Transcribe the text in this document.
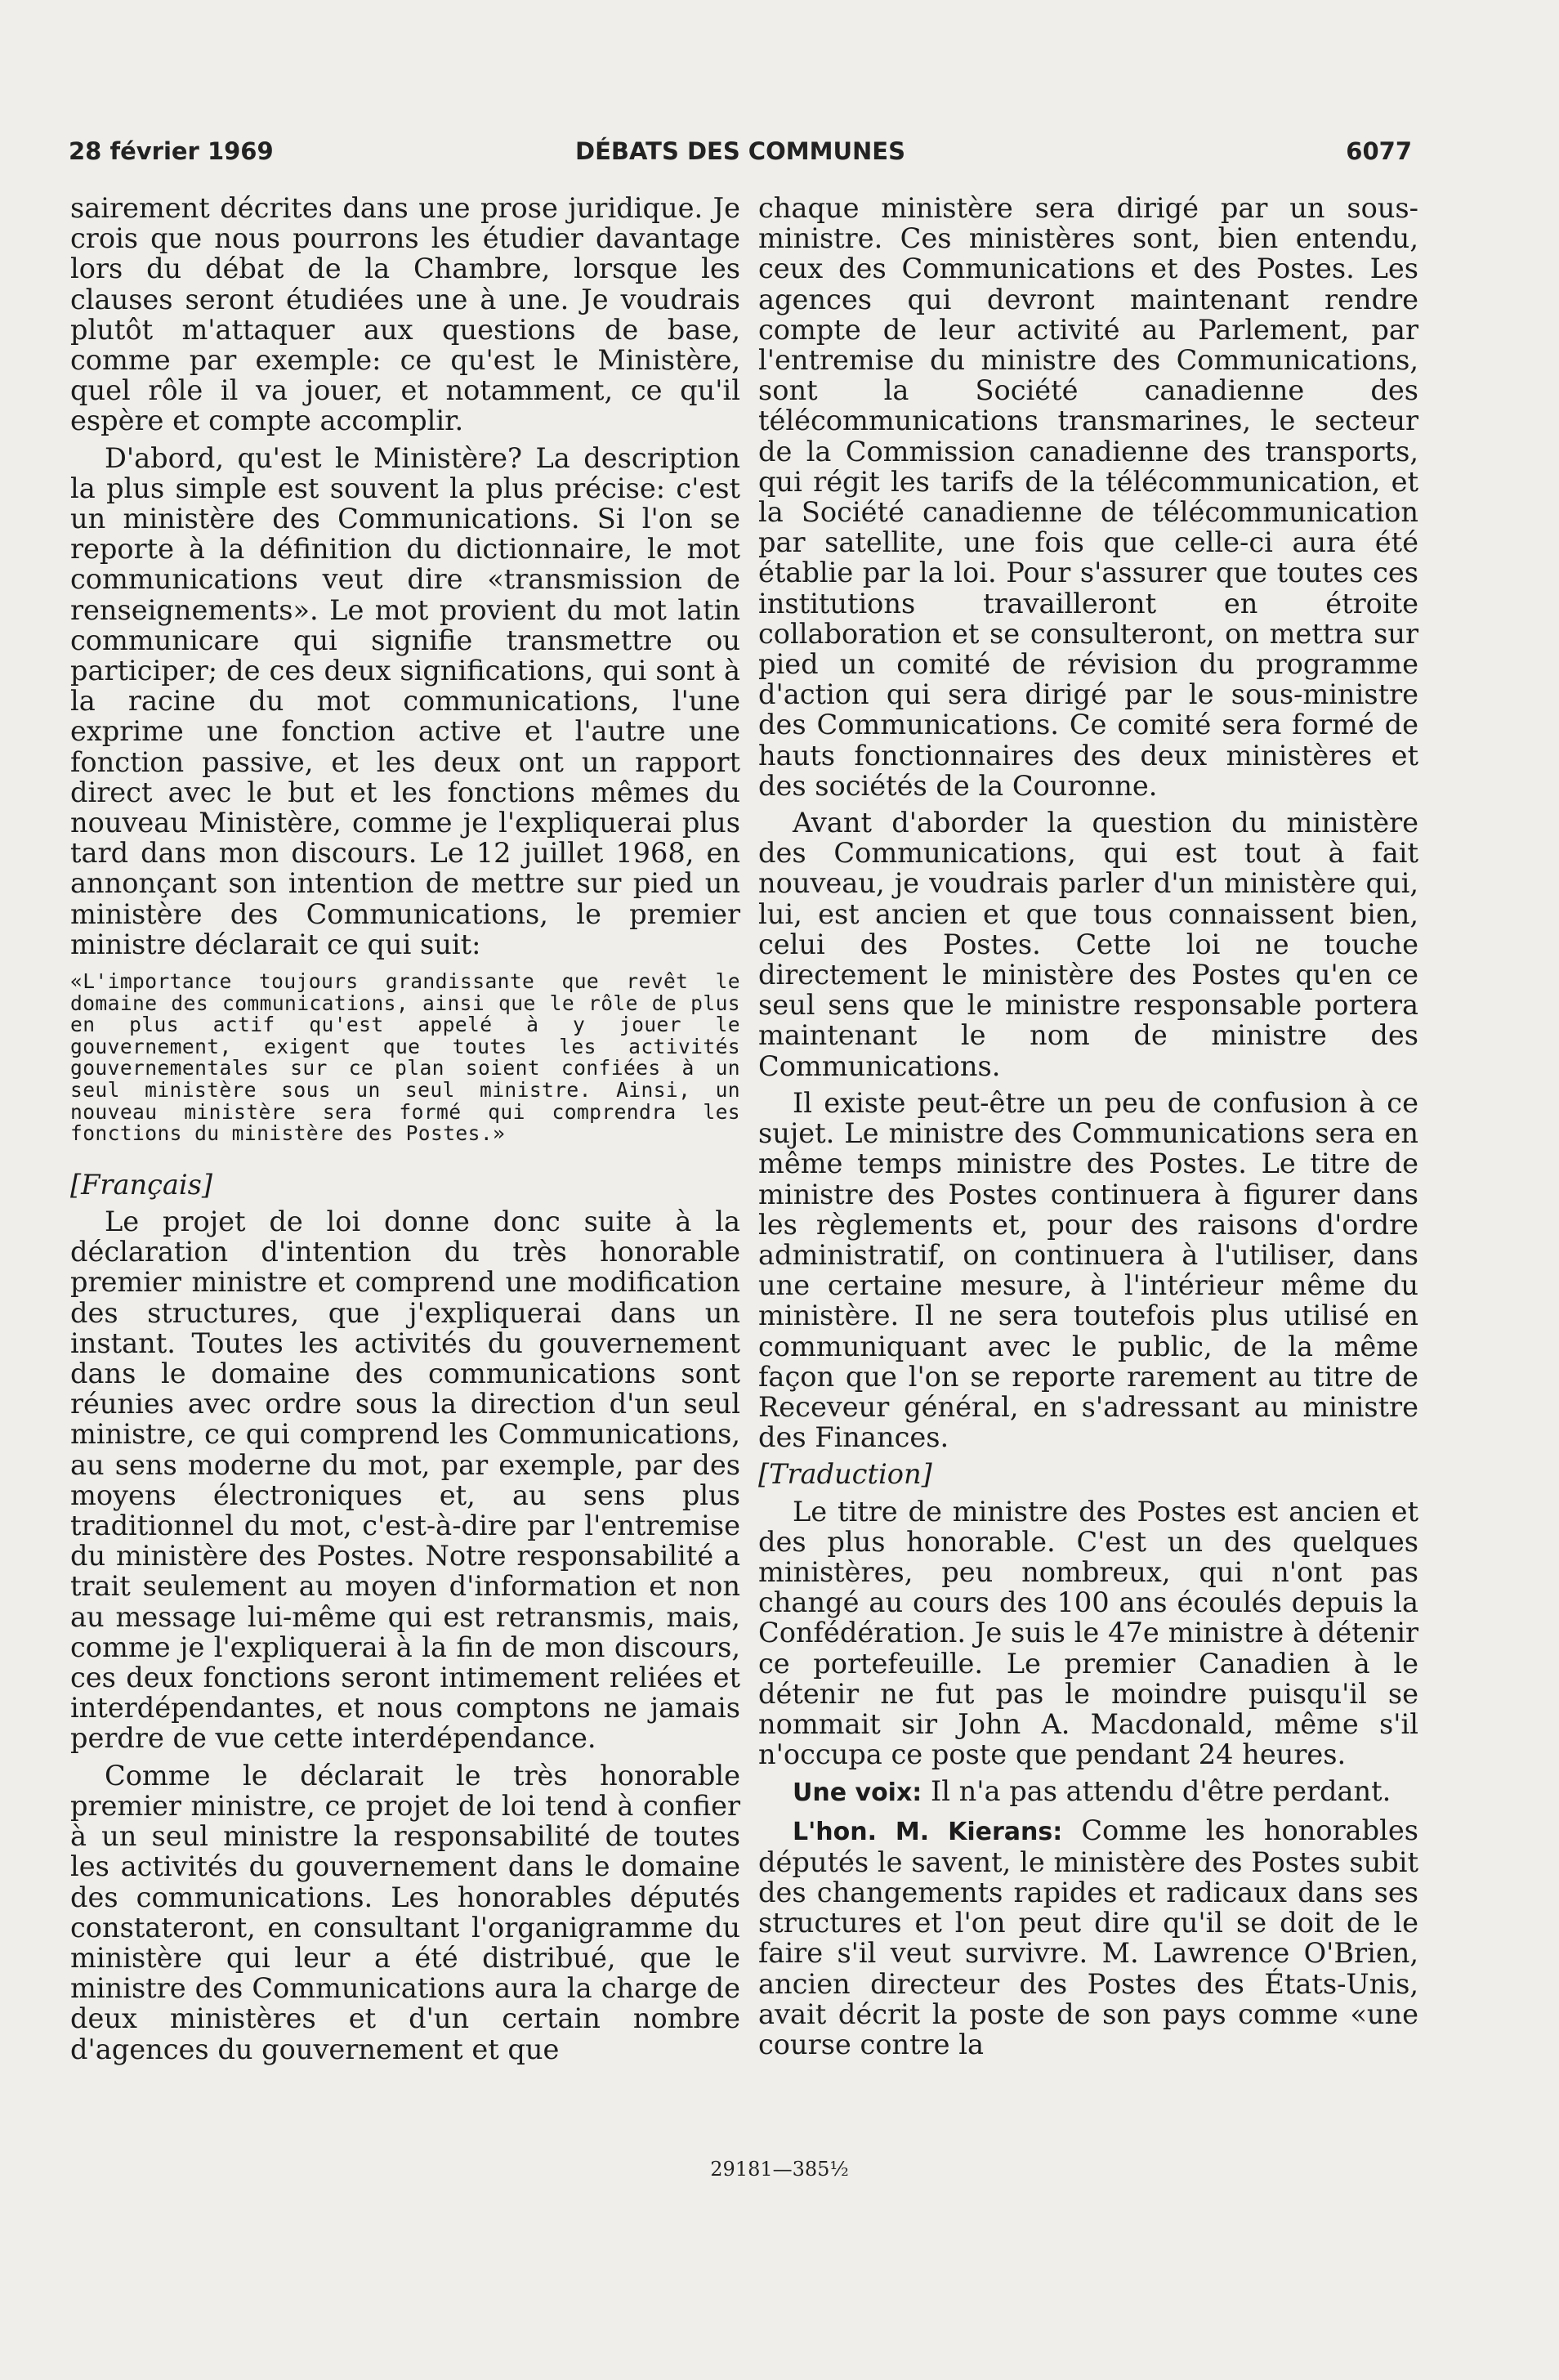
28 février 1969	DÉBATS DES COMMUNES	6077

sairement décrites dans une prose juridique. Je crois que nous pourrons les étudier davantage lors du débat de la Chambre, lorsque les clauses seront étudiées une à une. Je voudrais plutôt m'attaquer aux questions de base, comme par exemple: ce qu'est le Ministère, quel rôle il va jouer, et notamment, ce qu'il espère et compte accomplir.

D'abord, qu'est le Ministère? La description la plus simple est souvent la plus précise: c'est un ministère des Communications. Si l'on se reporte à la définition du dictionnaire, le mot communications veut dire «transmission de renseignements». Le mot provient du mot latin communicare qui signifie transmettre ou participer; de ces deux significations, qui sont à la racine du mot communications, l'une exprime une fonction active et l'autre une fonction passive, et les deux ont un rapport direct avec le but et les fonctions mêmes du nouveau Ministère, comme je l'expliquerai plus tard dans mon discours. Le 12 juillet 1968, en annonçant son intention de mettre sur pied un ministère des Communications, le premier ministre déclarait ce qui suit:

«L'importance toujours grandissante que revêt le domaine des communications, ainsi que le rôle de plus en plus actif qu'est appelé à y jouer le gouvernement, exigent que toutes les activités gouvernementales sur ce plan soient confiées à un seul ministère sous un seul ministre. Ainsi, un nouveau ministère sera formé qui comprendra les fonctions du ministère des Postes.»

[Français]

Le projet de loi donne donc suite à la déclaration d'intention du très honorable premier ministre et comprend une modification des structures, que j'expliquerai dans un instant. Toutes les activités du gouvernement dans le domaine des communications sont réunies avec ordre sous la direction d'un seul ministre, ce qui comprend les Communications, au sens moderne du mot, par exemple, par des moyens électroniques et, au sens plus traditionnel du mot, c'est-à-dire par l'entremise du ministère des Postes. Notre responsabilité a trait seulement au moyen d'information et non au message lui-même qui est retransmis, mais, comme je l'expliquerai à la fin de mon discours, ces deux fonctions seront intimement reliées et interdépendantes, et nous comptons ne jamais perdre de vue cette interdépendance.

Comme le déclarait le très honorable premier ministre, ce projet de loi tend à confier à un seul ministre la responsabilité de toutes les activités du gouvernement dans le domaine des communications. Les honorables députés constateront, en consultant l'organigramme du ministère qui leur a été distribué, que le ministre des Communications aura la charge de deux ministères et d'un certain nombre d'agences du gouvernement et que

chaque ministère sera dirigé par un sous-ministre. Ces ministères sont, bien entendu, ceux des Communications et des Postes. Les agences qui devront maintenant rendre compte de leur activité au Parlement, par l'entremise du ministre des Communications, sont la Société canadienne des télécommunications transmarines, le secteur de la Commission canadienne des transports, qui régit les tarifs de la télécommunication, et la Société canadienne de télécommunication par satellite, une fois que celle-ci aura été établie par la loi. Pour s'assurer que toutes ces institutions travailleront en étroite collaboration et se consulteront, on mettra sur pied un comité de révision du programme d'action qui sera dirigé par le sous-ministre des Communications. Ce comité sera formé de hauts fonctionnaires des deux ministères et des sociétés de la Couronne.

Avant d'aborder la question du ministère des Communications, qui est tout à fait nouveau, je voudrais parler d'un ministère qui, lui, est ancien et que tous connaissent bien, celui des Postes. Cette loi ne touche directement le ministère des Postes qu'en ce seul sens que le ministre responsable portera maintenant le nom de ministre des Communications.

Il existe peut-être un peu de confusion à ce sujet. Le ministre des Communications sera en même temps ministre des Postes. Le titre de ministre des Postes continuera à figurer dans les règlements et, pour des raisons d'ordre administratif, on continuera à l'utiliser, dans une certaine mesure, à l'intérieur même du ministère. Il ne sera toutefois plus utilisé en communiquant avec le public, de la même façon que l'on se reporte rarement au titre de Receveur général, en s'adressant au ministre des Finances.

[Traduction]

Le titre de ministre des Postes est ancien et des plus honorable. C'est un des quelques ministères, peu nombreux, qui n'ont pas changé au cours des 100 ans écoulés depuis la Confédération. Je suis le 47e ministre à détenir ce portefeuille. Le premier Canadien à le détenir ne fut pas le moindre puisqu'il se nommait sir John A. Macdonald, même s'il n'occupa ce poste que pendant 24 heures.

Une voix: Il n'a pas attendu d'être perdant.

L'hon. M. Kierans: Comme les honorables députés le savent, le ministère des Postes subit des changements rapides et radicaux dans ses structures et l'on peut dire qu'il se doit de le faire s'il veut survivre. M. Lawrence O'Brien, ancien directeur des Postes des États-Unis, avait décrit la poste de son pays comme «une course contre la

29181—385½
